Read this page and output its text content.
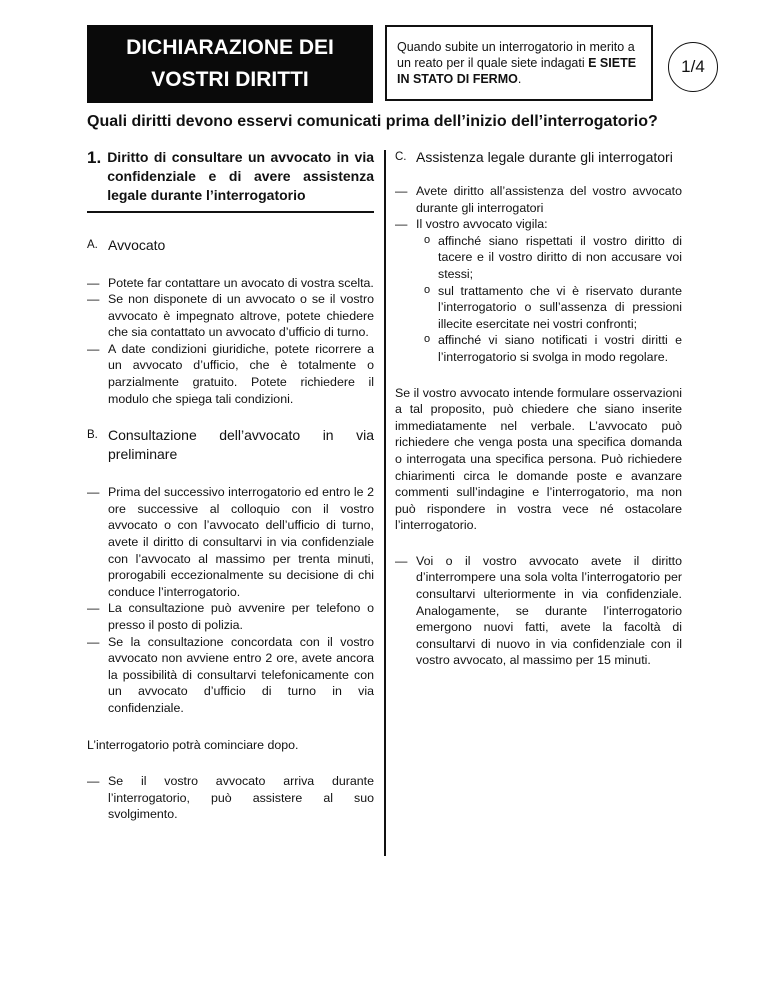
DICHIARAZIONE DEI VOSTRI DIRITTI
Quando subite un interrogatorio in merito a un reato per il quale siete indagati E SIETE IN STATO DI FERMO.
1/4
Quali diritti devono esservi comunicati prima dell’inizio dell’interrogatorio?
1. Diritto di consultare un avvocato in via confidenziale e di avere assistenza legale durante l’interrogatorio
A. Avvocato
— Potete far contattare un avocato di vostra scelta.
— Se non disponete di un avvocato o se il vostro avvocato è impegnato altrove, potete chiedere che sia contattato un avvocato d’ufficio di turno.
— A date condizioni giuridiche, potete ricorrere a un avvocato d’ufficio, che è totalmente o parzialmente gratuito. Potete richiedere il modulo che spiega tali condizioni.
B. Consultazione dell’avvocato in via preliminare
— Prima del successivo interrogatorio ed entro le 2 ore successive al colloquio con il vostro avvocato o con l’avvocato dell’ufficio di turno, avete il diritto di consultarvi in via confidenziale con l’avvocato al massimo per trenta minuti, prorogabili eccezionalmente su decisione di chi conduce l’interrogatorio.
— La consultazione può avvenire per telefono o presso il posto di polizia.
— Se la consultazione concordata con il vostro avvocato non avviene entro 2 ore, avete ancora la possibilità di consultarvi telefonicamente con un avvocato d’ufficio di turno in via confidenziale.

L’interrogatorio potrà cominciare dopo.

— Se il vostro avvocato arriva durante l’interrogatorio, può assistere al suo svolgimento.
C. Assistenza legale durante gli interrogatori
— Avete diritto all’assistenza del vostro avvocato durante gli interrogatori
— Il vostro avvocato vigila:
o affinché siano rispettati il vostro diritto di tacere e il vostro diritto di non accusare voi stessi;
o sul trattamento che vi è riservato durante l’interrogatorio o sull’assenza di pressioni illecite esercitate nei vostri confronti;
o affinché vi siano notificati i vostri diritti e l’interrogatorio si svolga in modo regolare.

Se il vostro avvocato intende formulare osservazioni a tal proposito, può chiedere che siano inserite immediatamente nel verbale. L’avvocato può richiedere che venga posta una specifica domanda o interrogata una specifica persona. Può richiedere chiarimenti circa le domande poste e avanzare commenti sull’indagine e l’interrogatorio, ma non può rispondere in vostra vece né ostacolare l’interrogatorio.

— Voi o il vostro avvocato avete il diritto d’interrompere una sola volta l’interrogatorio per consultarvi ulteriormente in via confidenziale. Analogamente, se durante l’interrogatorio emergono nuovi fatti, avete la facoltà di consultarvi di nuovo in via confidenziale con il vostro avvocato, al massimo per 15 minuti.
